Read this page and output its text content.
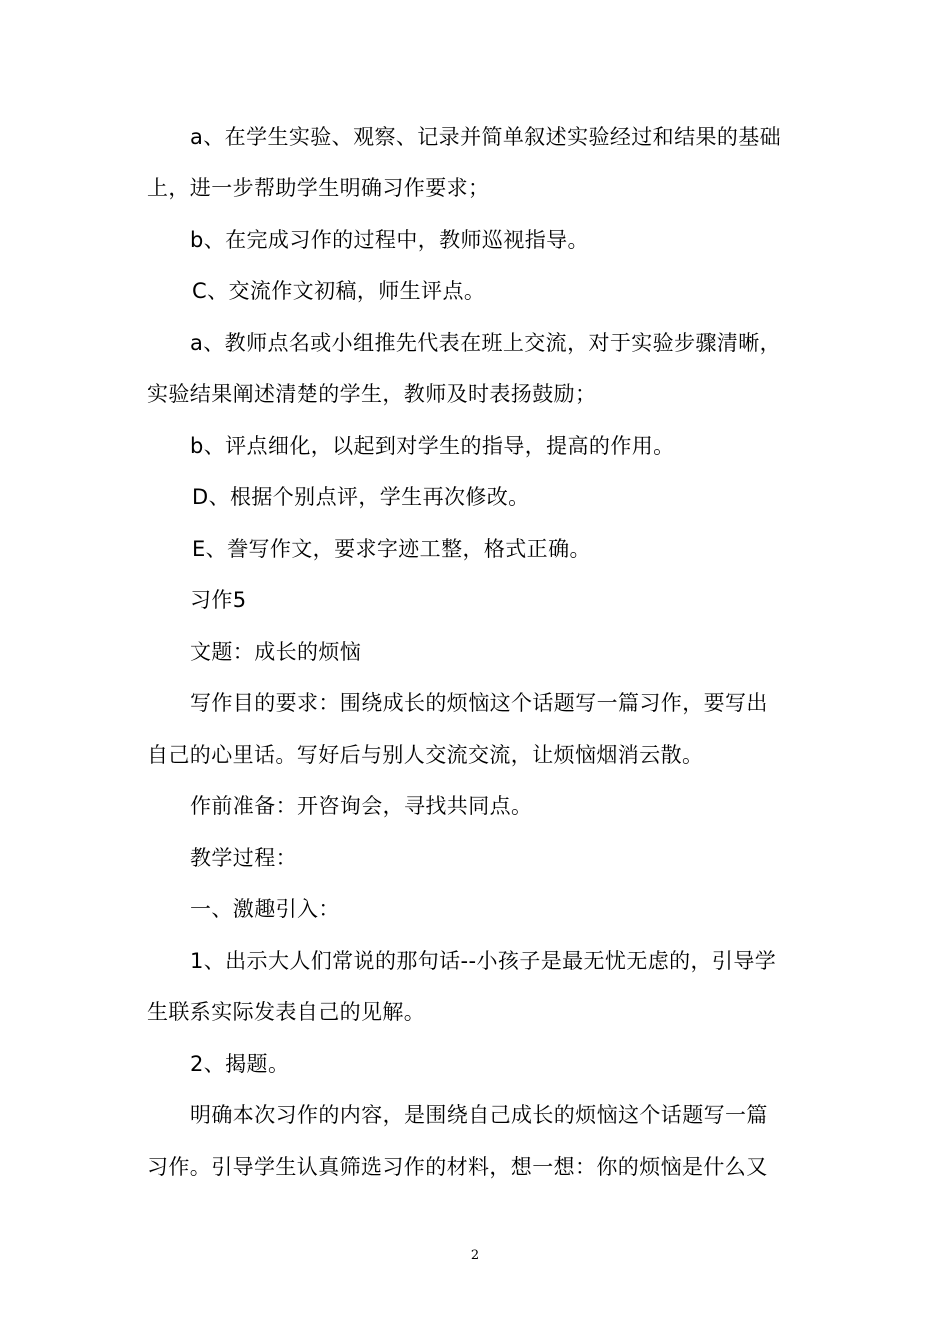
a、在学生实验、观察、记录并简单叙述实验经过和结果的基础
上，进一步帮助学生明确习作要求；
b、在完成习作的过程中，教师巡视指导。
C、交流作文初稿，师生评点。
a、教师点名或小组推先代表在班上交流，对于实验步骤清晰，
实验结果阐述清楚的学生，教师及时表扬鼓励；
b、评点细化，以起到对学生的指导，提高的作用。
D、根据个别点评，学生再次修改。
E、誊写作文，要求字迹工整，格式正确。
习作5
文题：成长的烦恼
写作目的要求：围绕成长的烦恼这个话题写一篇习作，要写出
自己的心里话。写好后与别人交流交流，让烦恼烟消云散。
作前准备：开咨询会，寻找共同点。
教学过程：
一、激趣引入：
1、出示大人们常说的那句话--小孩子是最无忧无虑的，引导学
生联系实际发表自己的见解。
2、揭题。
明确本次习作的内容，是围绕自己成长的烦恼这个话题写一篇
习作。引导学生认真筛选习作的材料，想一想：你的烦恼是什么又
2
